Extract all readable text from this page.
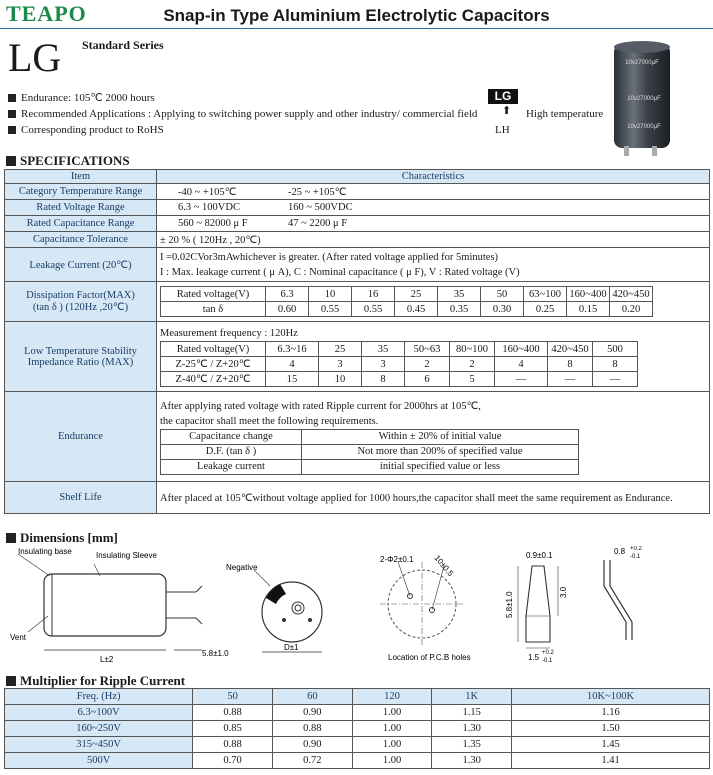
TEAPO	Snap-in Type Aluminium Electrolytic Capacitors
LG Standard Series
Endurance: 105℃ 2000 hours
Recommended Applications : Applying to switching power supply and other industry/ commercial field
Corresponding product to RoHS
LG
⬆
LH
High temperature
10v27000μF
10v27000μF
10v27000μF
SPECIFICATIONS
Item	Characteristics
Category Temperature Range	-40 ~ +105℃	-25 ~ +105℃
Rated Voltage Range	6.3 ~ 100VDC	160 ~ 500VDC
Rated Capacitance Range	560 ~ 82000 μ F	47 ~ 2200 μ F
Capacitance Tolerance	± 20 % ( 120Hz , 20℃)
Leakage Current (20℃)	
I =0.02CVor3mAwhichever is greater. (After rated voltage applied for 5minutes)
I : Max. leakage current ( μ A), C : Nominal capacitance ( μ F), V : Rated voltage (V)

Dissipation Factor(MAX)
(tan δ ) (120Hz ,20℃)

Rated voltage(V)	6.3	10	16	25	35	50	63~100	160~400	420~450
tan δ	0.60	0.55	0.55	0.45	0.35	0.30	0.25	0.15	0.20

Low Temperature Stability
Impedance Ratio (MAX)

Measurement frequency : 120Hz
Rated voltage(V)	6.3~16	25	35	50~63	80~100	160~400	420~450	500
Z-25℃ / Z+20℃	4	3	3	2	2	4	8	8
Z-40℃ / Z+20℃	15	10	8	6	5	—	—	—

Endurance	
After applying rated voltage with rated Ripple current for 2000hrs at 105℃,
the capacitor shall meet the following requirements.
Capacitance change	Within ± 20% of initial value
D.F. (tan δ )	Not more than 200% of specified value
Leakage current	initial specified value or less

Shelf Life	After placed at 105℃without voltage applied for 1000 hours,the capacitor shall meet the same requirement as Endurance.
Dimensions [mm]
Insulating base	Insulating Sleeve
Vent
L±2
5.8±1.0
Negative
D±1
2-Φ2±0.1 10±0.5
Location of P.C.B holes
0.9±0.1
5.8±1.0	3.0
1.5 +0.2
-0.1
0.8 +0.2
-0.1
Multiplier for Ripple Current
Freq. (Hz)	50	60	120	1K	10K~100K
6.3~100V	0.88	0.90	1.00	1.15	1.16
160~250V	0.85	0.88	1.00	1.30	1.50
315~450V	0.88	0.90	1.00	1.35	1.45
500V	0.70	0.72	1.00	1.30	1.41
